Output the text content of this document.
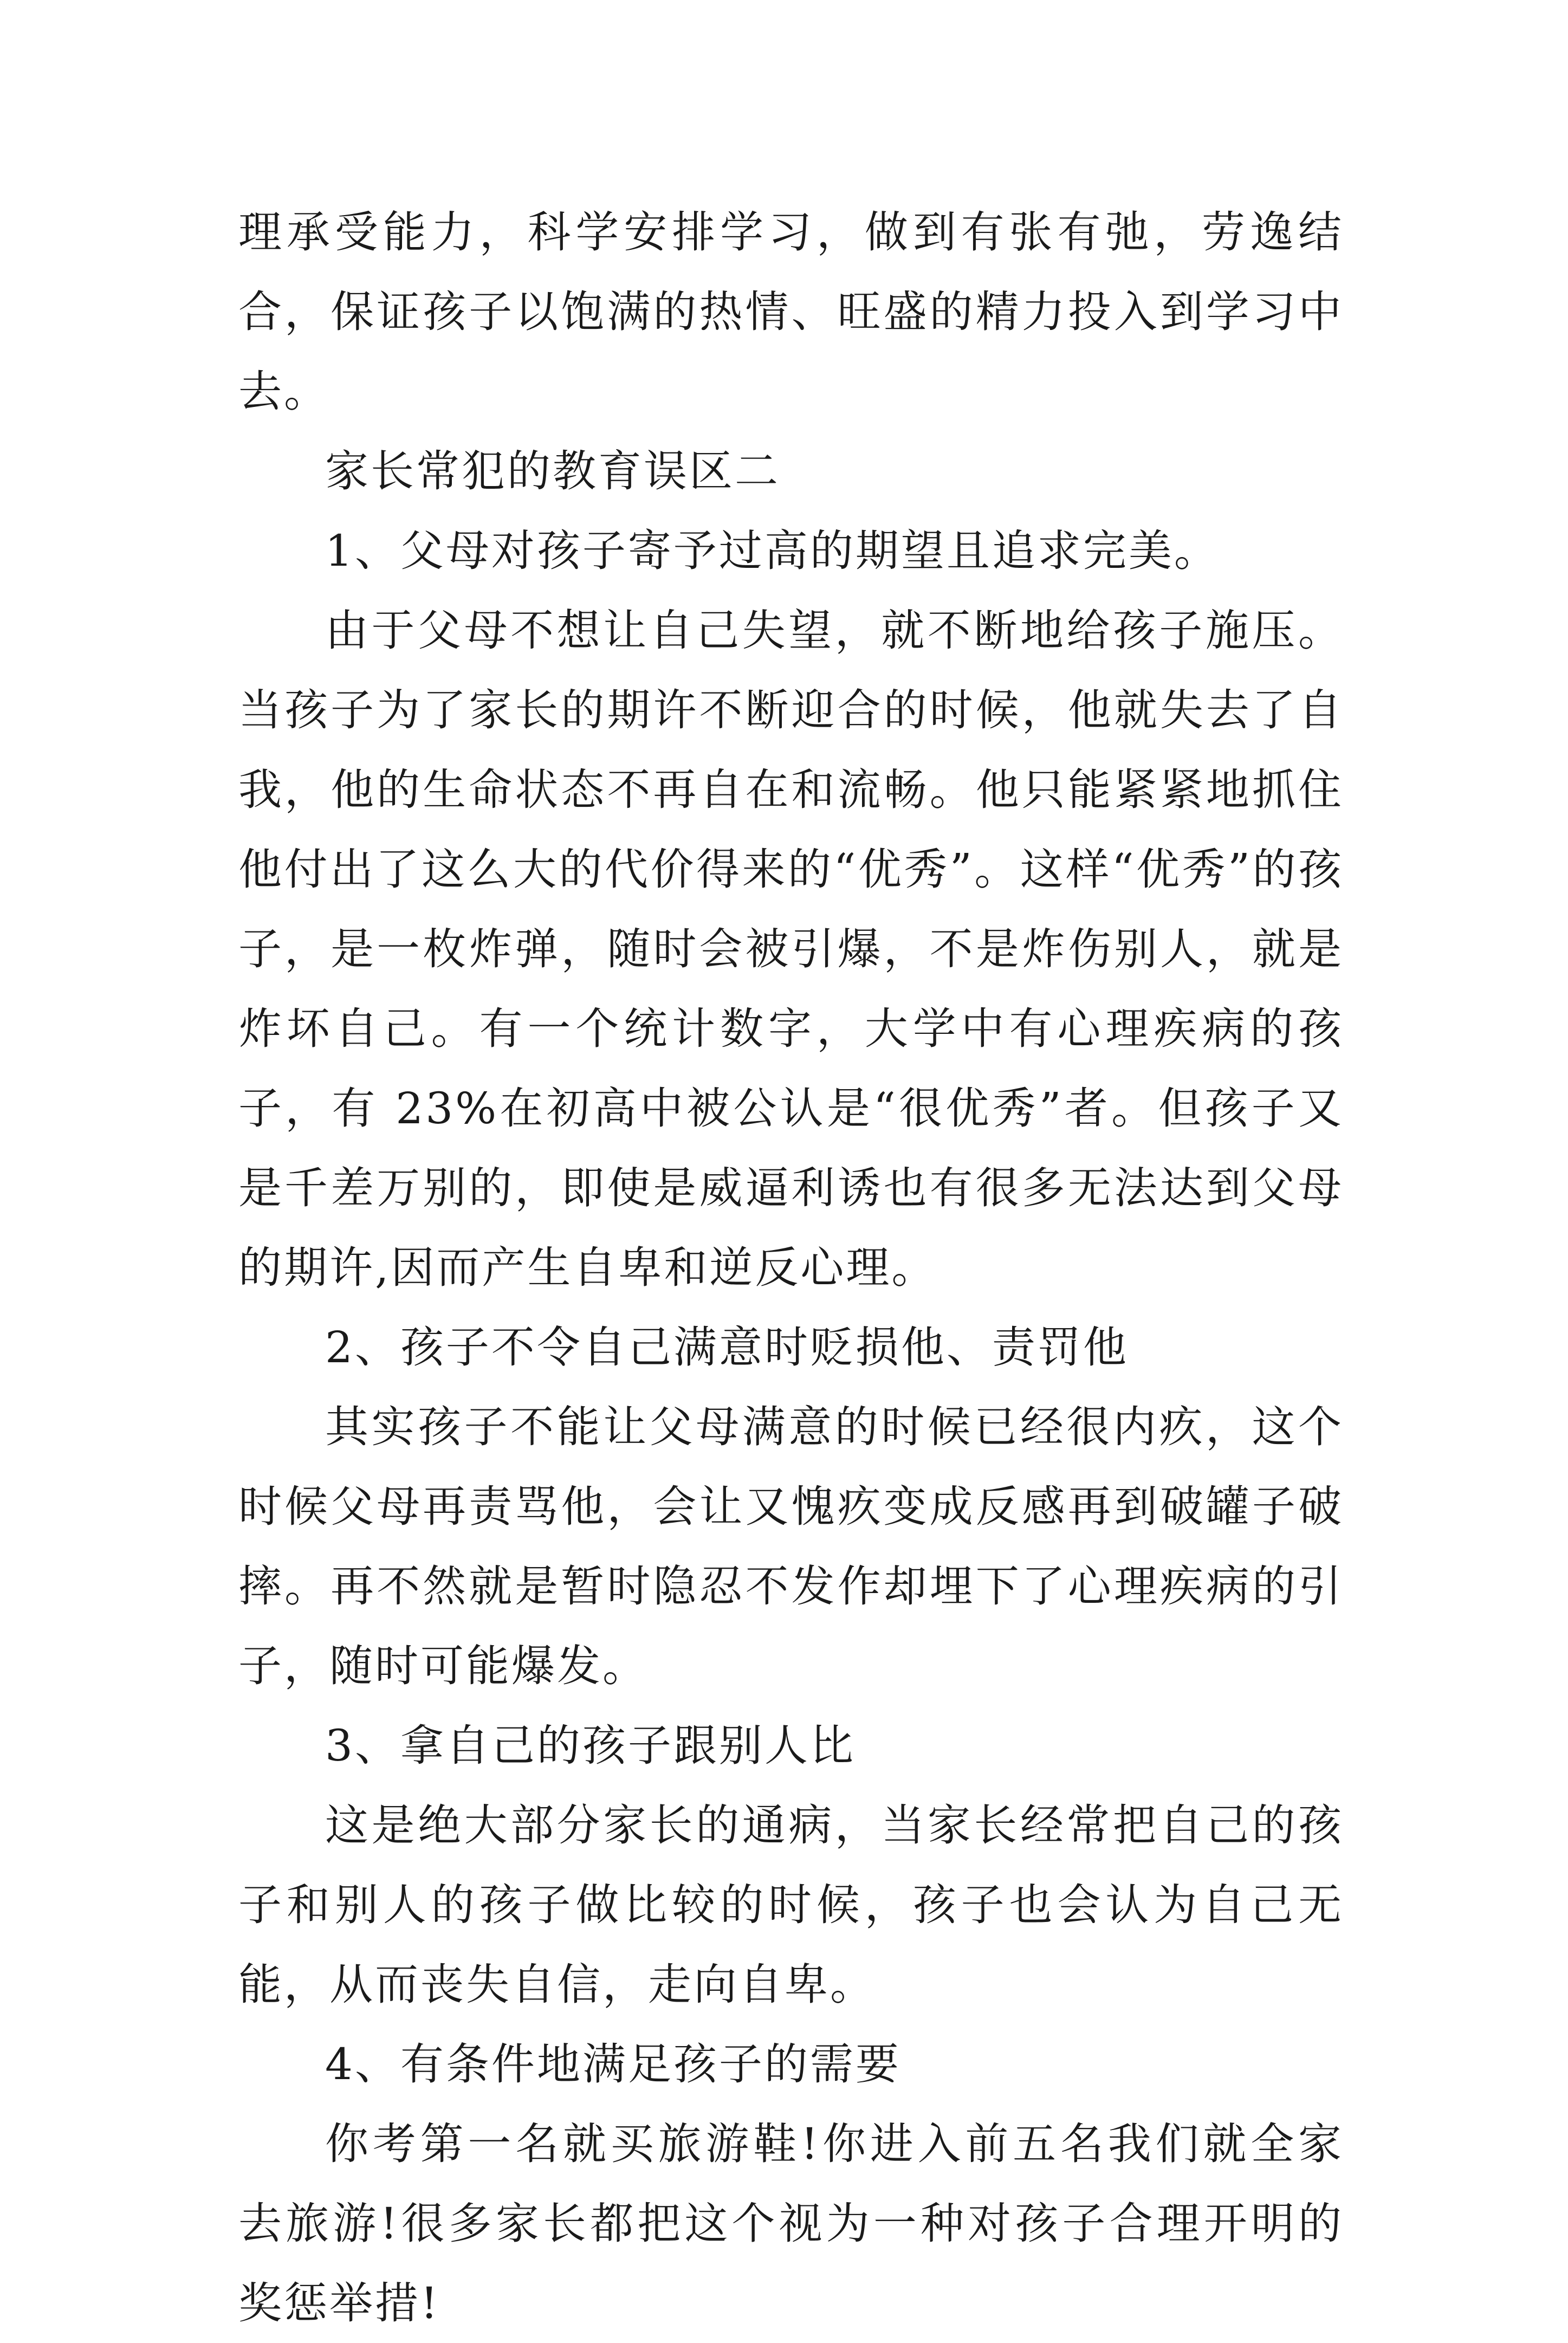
理承受能力，科学安排学习，做到有张有弛，劳逸结合，保证孩子以饱满的热情、旺盛的精力投入到学习中去。

家长常犯的教育误区二

1、父母对孩子寄予过高的期望且追求完美。

由于父母不想让自己失望，就不断地给孩子施压。当孩子为了家长的期许不断迎合的时候，他就失去了自我，他的生命状态不再自在和流畅。他只能紧紧地抓住他付出了这么大的代价得来的“优秀”。这样“优秀”的孩子，是一枚炸弹，随时会被引爆，不是炸伤别人，就是炸坏自己。有一个统计数字，大学中有心理疾病的孩子，有 23%在初高中被公认是“很优秀”者。但孩子又是千差万别的，即使是威逼利诱也有很多无法达到父母的期许,因而产生自卑和逆反心理。

2、孩子不令自己满意时贬损他、责罚他

其实孩子不能让父母满意的时候已经很内疚，这个时候父母再责骂他，会让又愧疚变成反感再到破罐子破摔。再不然就是暂时隐忍不发作却埋下了心理疾病的引子，随时可能爆发。

3、拿自己的孩子跟别人比

这是绝大部分家长的通病，当家长经常把自己的孩子和别人的孩子做比较的时候，孩子也会认为自己无能，从而丧失自信，走向自卑。

4、有条件地满足孩子的需要

你考第一名就买旅游鞋!你进入前五名我们就全家去旅游!很多家长都把这个视为一种对孩子合理开明的奖惩举措!
